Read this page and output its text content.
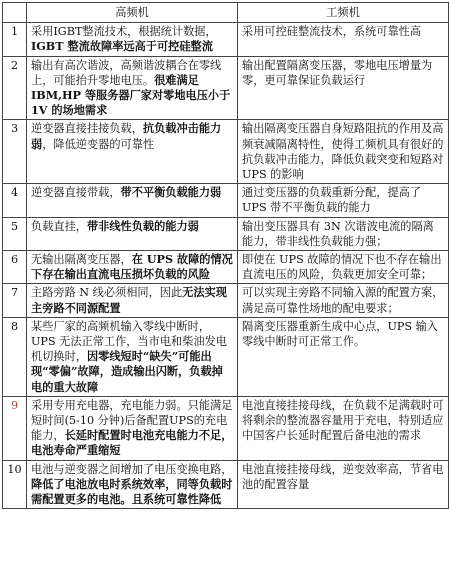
	高频机	工频机
1	采用IGBT整流技术，根据统计数据，IGBT 整流故障率远高于可控硅整流	采用可控硅整流技术，系统可靠性高
2	输出有高次谐波，高频谐波耦合在零线上，可能抬升零地电压。很难满足IBM,HP 等服务器厂家对零地电压小于 1V 的场地需求	输出配置隔离变压器，零地电压增量为零，更可靠保证负载运行
3	逆变器直接挂接负载，抗负载冲击能力弱，降低逆变器的可靠性	输出隔离变压器自身短路阻抗的作用及高频衰减隔离特性，使得工频机具有很好的抗负载冲击能力，降低负载突变和短路对 UPS 的影响
4	逆变器直接带载，带不平衡负载能力弱	通过变压器的负载重新分配，提高了UPS 带不平衡负载的能力
5	负载直挂，带非线性负载的能力弱	输出变压器具有 3N 次谐波电流的隔离能力，带非线性负载能力强；
6	无输出隔离变压器，在 UPS 故障的情况下存在输出直流电压损坏负载的风险	即使在 UPS 故障的情况下也不存在输出直流电压的风险，负载更加安全可靠；
7	主路旁路 N 线必须相同，因此无法实现主旁路不同源配置	可以实现主旁路不同输入源的配置方案，满足高可靠性场地的配电要求；
8	某些厂家的高频机输入零线中断时，UPS 无法正常工作，当市电和柴油发电机切换时，因零线短时“缺失”可能出现“零偏”故障，造成输出闪断，负载掉电的重大故障	隔离变压器重新生成中心点，UPS 输入零线中断时可正常工作。
9	采用专用充电器，充电能力弱。只能满足短时间(5-10 分钟)后备配置UPS的充电能力，长延时配置时电池充电能力不足，电池寿命严重缩短	电池直接挂接母线，在负载不足满载时可将剩余的整流器容量用于充电，特别适应中国客户长延时配置后备电池的需求
10	电池与逆变器之间增加了电压变换电路，降低了电池放电时系统效率，同等负载时需配置更多的电池。且系统可靠性降低	电池直接挂接母线，逆变效率高，节省电池的配置容量
